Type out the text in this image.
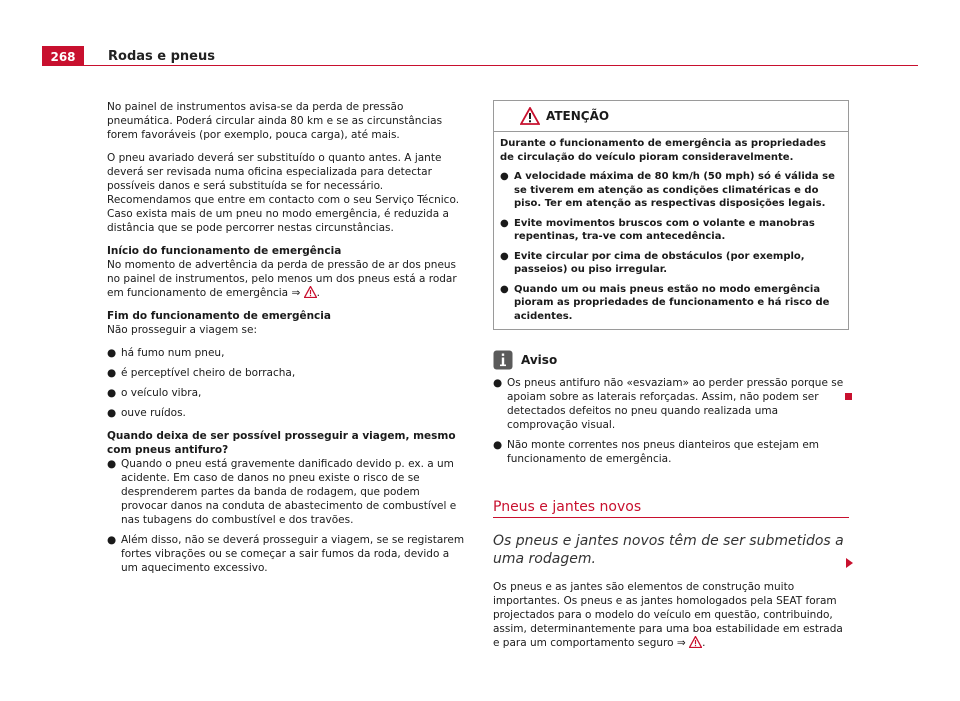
268	Rodas e pneus

No painel de instrumentos avisa-se da perda de pressão pneumática. Poderá circular ainda 80 km e se as circunstâncias forem favoráveis (por exemplo, pouca carga), até mais.

O pneu avariado deverá ser substituído o quanto antes. A jante deverá ser revisada numa oficina especializada para detectar possíveis danos e será substituída se for necessário. Recomendamos que entre em contacto com o seu Serviço Técnico. Caso exista mais de um pneu no modo emergência, é reduzida a distância que se pode percorrer nestas circunstâncias.

Início do funcionamento de emergência

No momento de advertência da perda de pressão de ar dos pneus no painel de instrumentos, pelo menos um dos pneus está a rodar em funcionamento de emergência ⇒ .

Fim do funcionamento de emergência

Não prosseguir a viagem se:

● há fumo num pneu,
● é perceptível cheiro de borracha,
● o veículo vibra,
● ouve ruídos.

Quando deixa de ser possível prosseguir a viagem, mesmo com pneus antifuro?

● Quando o pneu está gravemente danificado devido p. ex. a um acidente. Em caso de danos no pneu existe o risco de se desprenderem partes da banda de rodagem, que podem provocar danos na conduta de abastecimento de combustível e nas tubagens do combustível e dos travões.
● Além disso, não se deverá prosseguir a viagem, se se registarem fortes vibrações ou se começar a sair fumos da roda, devido a um aquecimento excessivo.
ATENÇÃO

Durante o funcionamento de emergência as propriedades de circulação do veículo pioram consideravelmente.

● A velocidade máxima de 80 km/h (50 mph) só é válida se se tiverem em atenção as condições climatéricas e do piso. Ter em atenção as respectivas disposições legais.
● Evite movimentos bruscos com o volante e manobras repentinas, tra-ve com antecedência.
● Evite circular por cima de obstáculos (por exemplo, passeios) ou piso irregular.
● Quando um ou mais pneus estão no modo emergência pioram as propriedades de funcionamento e há risco de acidentes.
Aviso
● Os pneus antifuro não «esvaziam» ao perder pressão porque se apoiam sobre as laterais reforçadas. Assim, não podem ser detectados defeitos no pneu quando realizada uma comprovação visual.
● Não monte correntes nos pneus dianteiros que estejam em funcionamento de emergência.
Pneus e jantes novos
Os pneus e jantes novos têm de ser submetidos a uma rodagem.

Os pneus e as jantes são elementos de construção muito importantes. Os pneus e as jantes homologados pela SEAT foram projectados para o modelo do veículo em questão, contribuindo, assim, determinantemente para uma boa estabilidade em estrada e para um comportamento seguro ⇒ .
